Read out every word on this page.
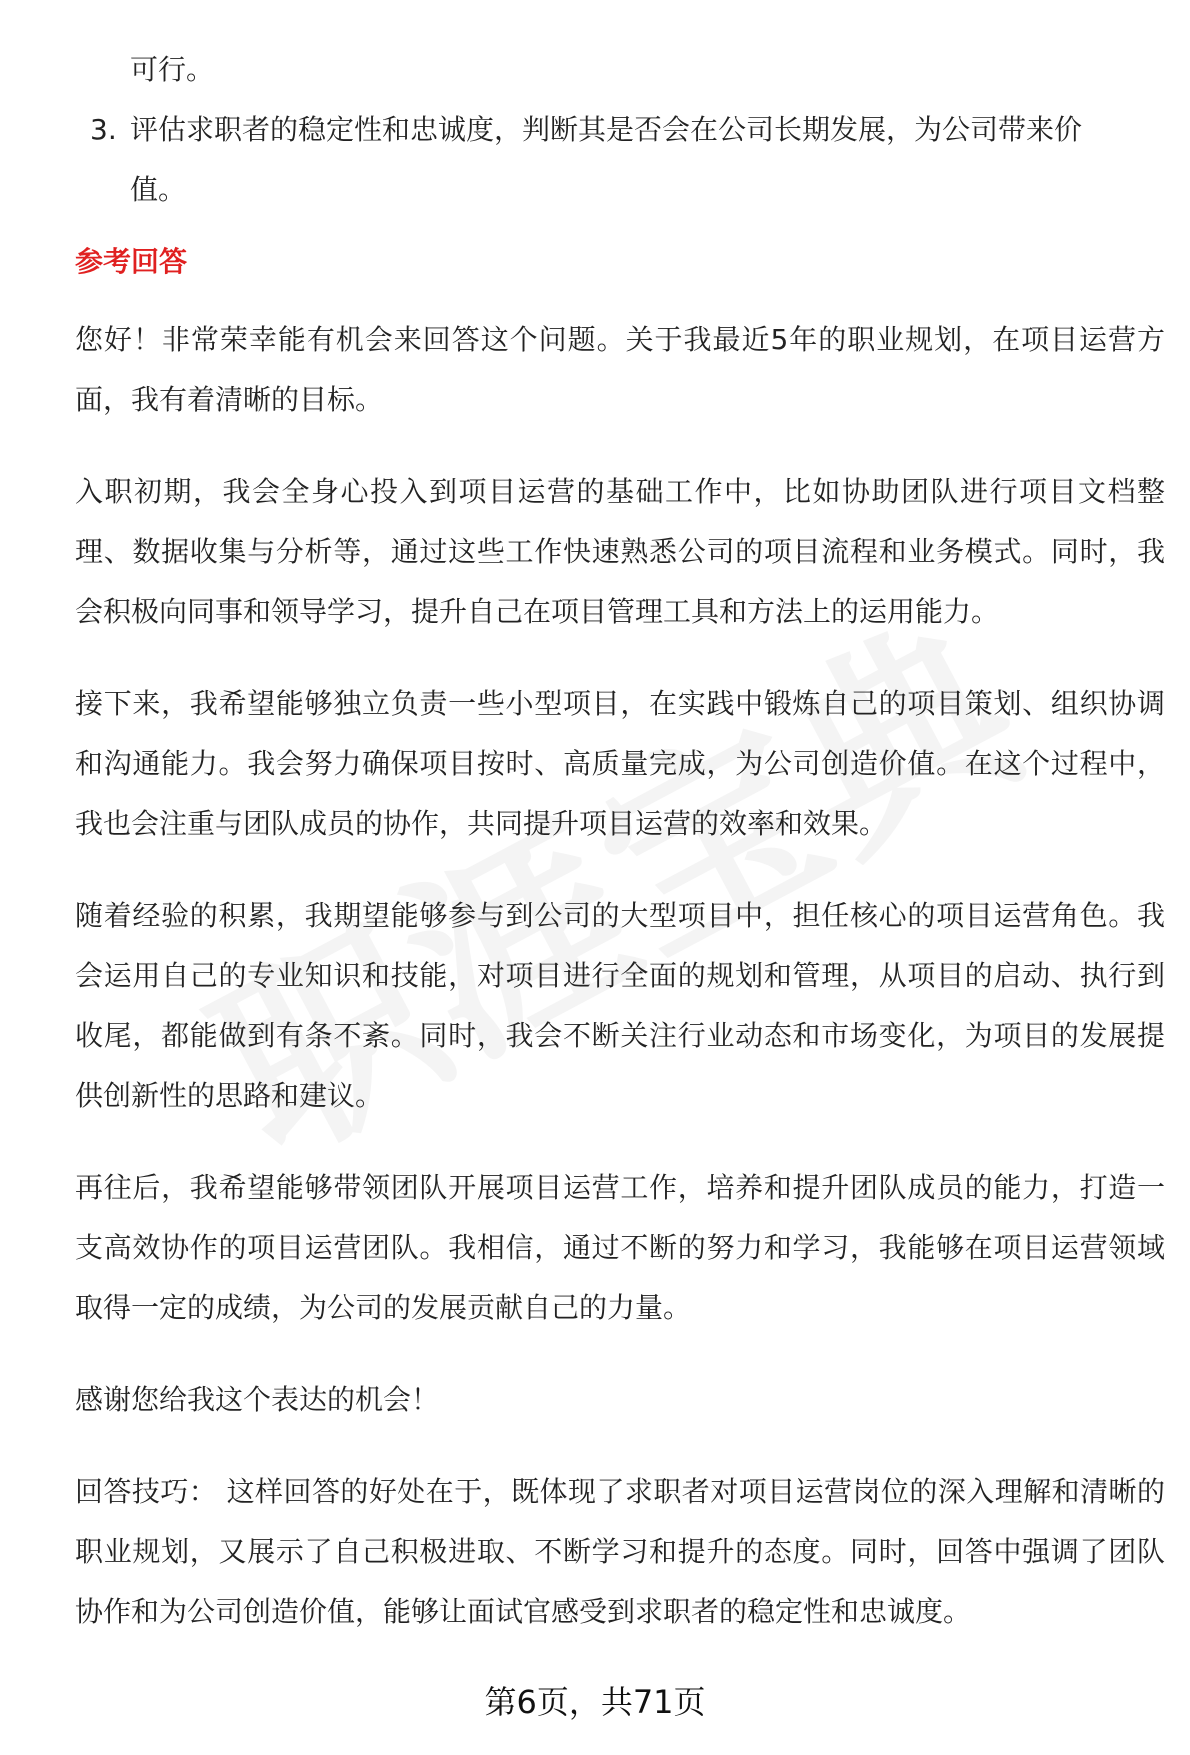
可行。
3. 评估求职者的稳定性和忠诚度，判断其是否会在公司长期发展，为公司带来价
值。
参考回答

您好！非常荣幸能有机会来回答这个问题。关于我最近5年的职业规划，在项目运营方面，我有着清晰的目标。

入职初期，我会全身心投入到项目运营的基础工作中，比如协助团队进行项目文档整理、数据收集与分析等，通过这些工作快速熟悉公司的项目流程和业务模式。同时，我会积极向同事和领导学习，提升自己在项目管理工具和方法上的运用能力。

接下来，我希望能够独立负责一些小型项目，在实践中锻炼自己的项目策划、组织协调和沟通能力。我会努力确保项目按时、高质量完成，为公司创造价值。在这个过程中，我也会注重与团队成员的协作，共同提升项目运营的效率和效果。

随着经验的积累，我期望能够参与到公司的大型项目中，担任核心的项目运营角色。我会运用自己的专业知识和技能，对项目进行全面的规划和管理，从项目的启动、执行到收尾，都能做到有条不紊。同时，我会不断关注行业动态和市场变化，为项目的发展提供创新性的思路和建议。

再往后，我希望能够带领团队开展项目运营工作，培养和提升团队成员的能力，打造一支高效协作的项目运营团队。我相信，通过不断的努力和学习，我能够在项目运营领域取得一定的成绩，为公司的发展贡献自己的力量。

感谢您给我这个表达的机会！

回答技巧： 这样回答的好处在于，既体现了求职者对项目运营岗位的深入理解和清晰的职业规划，又展示了自己积极进取、不断学习和提升的态度。同时，回答中强调了团队协作和为公司创造价值，能够让面试官感受到求职者的稳定性和忠诚度。

第6页，共71页
